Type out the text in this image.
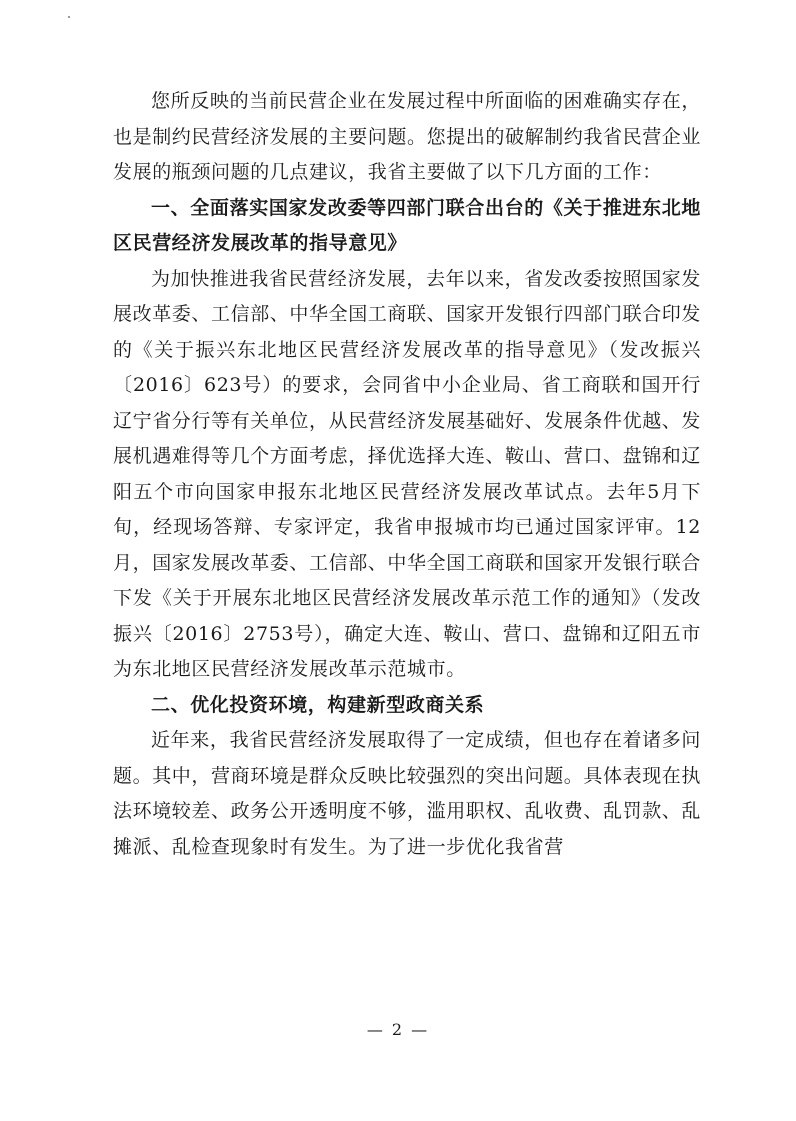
您所反映的当前民营企业在发展过程中所面临的困难确实存在，也是制约民营经济发展的主要问题。您提出的破解制约我省民营企业发展的瓶颈问题的几点建议，我省主要做了以下几方面的工作：

一、全面落实国家发改委等四部门联合出台的《关于推进东北地区民营经济发展改革的指导意见》

为加快推进我省民营经济发展，去年以来，省发改委按照国家发展改革委、工信部、中华全国工商联、国家开发银行四部门联合印发的《关于振兴东北地区民营经济发展改革的指导意见》（发改振兴〔2016〕623号）的要求，会同省中小企业局、省工商联和国开行辽宁省分行等有关单位，从民营经济发展基础好、发展条件优越、发展机遇难得等几个方面考虑，择优选择大连、鞍山、营口、盘锦和辽阳五个市向国家申报东北地区民营经济发展改革试点。去年5月下旬，经现场答辩、专家评定，我省申报城市均已通过国家评审。12月，国家发展改革委、工信部、中华全国工商联和国家开发银行联合下发《关于开展东北地区民营经济发展改革示范工作的通知》（发改振兴〔2016〕2753号），确定大连、鞍山、营口、盘锦和辽阳五市为东北地区民营经济发展改革示范城市。

二、优化投资环境，构建新型政商关系

近年来，我省民营经济发展取得了一定成绩，但也存在着诸多问题。其中，营商环境是群众反映比较强烈的突出问题。具体表现在执法环境较差、政务公开透明度不够，滥用职权、乱收费、乱罚款、乱摊派、乱检查现象时有发生。为了进一步优化我省营

— 2 —
